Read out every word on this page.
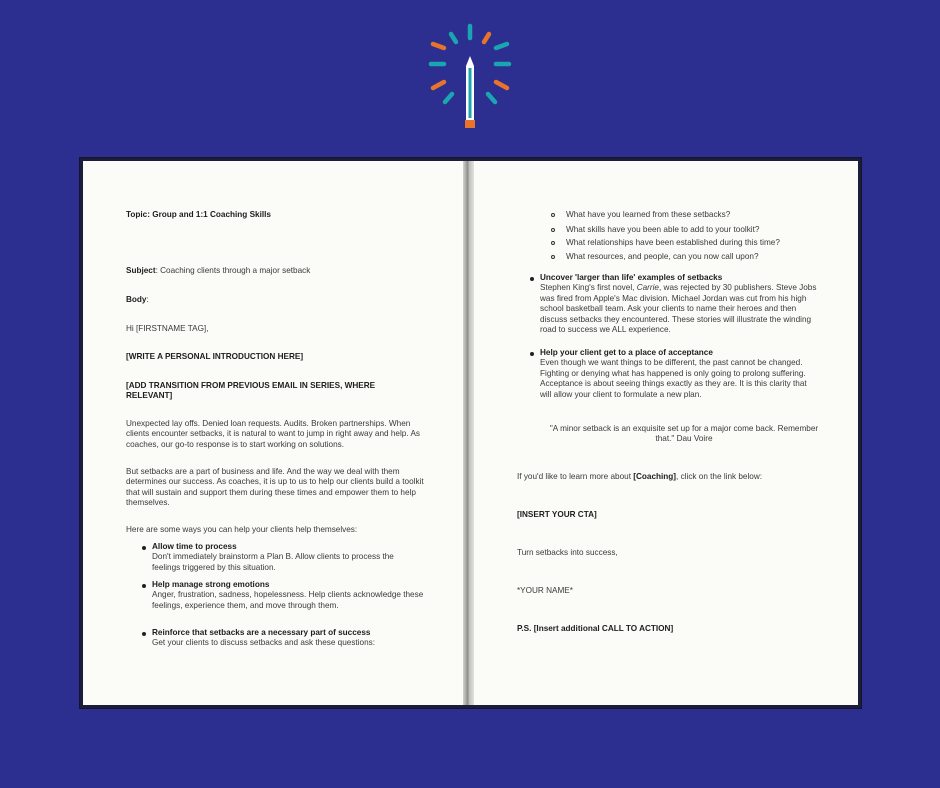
Topic: Group and 1:1 Coaching Skills

Subject: Coaching clients through a major setback

Body:

Hi [FIRSTNAME TAG],

[WRITE A PERSONAL INTRODUCTION HERE]

[ADD TRANSITION FROM PREVIOUS EMAIL IN SERIES, WHERE RELEVANT]

Unexpected lay offs. Denied loan requests. Audits. Broken partnerships. When clients encounter setbacks, it is natural to want to jump in right away and help. As coaches, our go-to response is to start working on solutions.

But setbacks are a part of business and life. And the way we deal with them determines our success. As coaches, it is up to us to help our clients build a toolkit that will sustain and support them during these times and empower them to help themselves.

Here are some ways you can help your clients help themselves:

Allow time to process
Don't immediately brainstorm a Plan B. Allow clients to process the feelings triggered by this situation.
Help manage strong emotions
Anger, frustration, sadness, hopelessness. Help clients acknowledge these feelings, experience them, and move through them.
Reinforce that setbacks are a necessary part of success
Get your clients to discuss setbacks and ask these questions:
What have you learned from these setbacks?
What skills have you been able to add to your toolkit?
What relationships have been established during this time?
What resources, and people, can you now call upon?
Uncover 'larger than life' examples of setbacks
Stephen King's first novel, Carrie, was rejected by 30 publishers. Steve Jobs was fired from Apple's Mac division. Michael Jordan was cut from his high school basketball team. Ask your clients to name their heroes and then discuss setbacks they encountered. These stories will illustrate the winding road to success we ALL experience.
Help your client get to a place of acceptance
Even though we want things to be different, the past cannot be changed. Fighting or denying what has happened is only going to prolong suffering. Acceptance is about seeing things exactly as they are. It is this clarity that will allow your client to formulate a new plan.

"A minor setback is an exquisite set up for a major come back. Remember that." Dau Voire

If you'd like to learn more about [Coaching], click on the link below:

[INSERT YOUR CTA]

Turn setbacks into success,

*YOUR NAME*

P.S. [Insert additional CALL TO ACTION]
